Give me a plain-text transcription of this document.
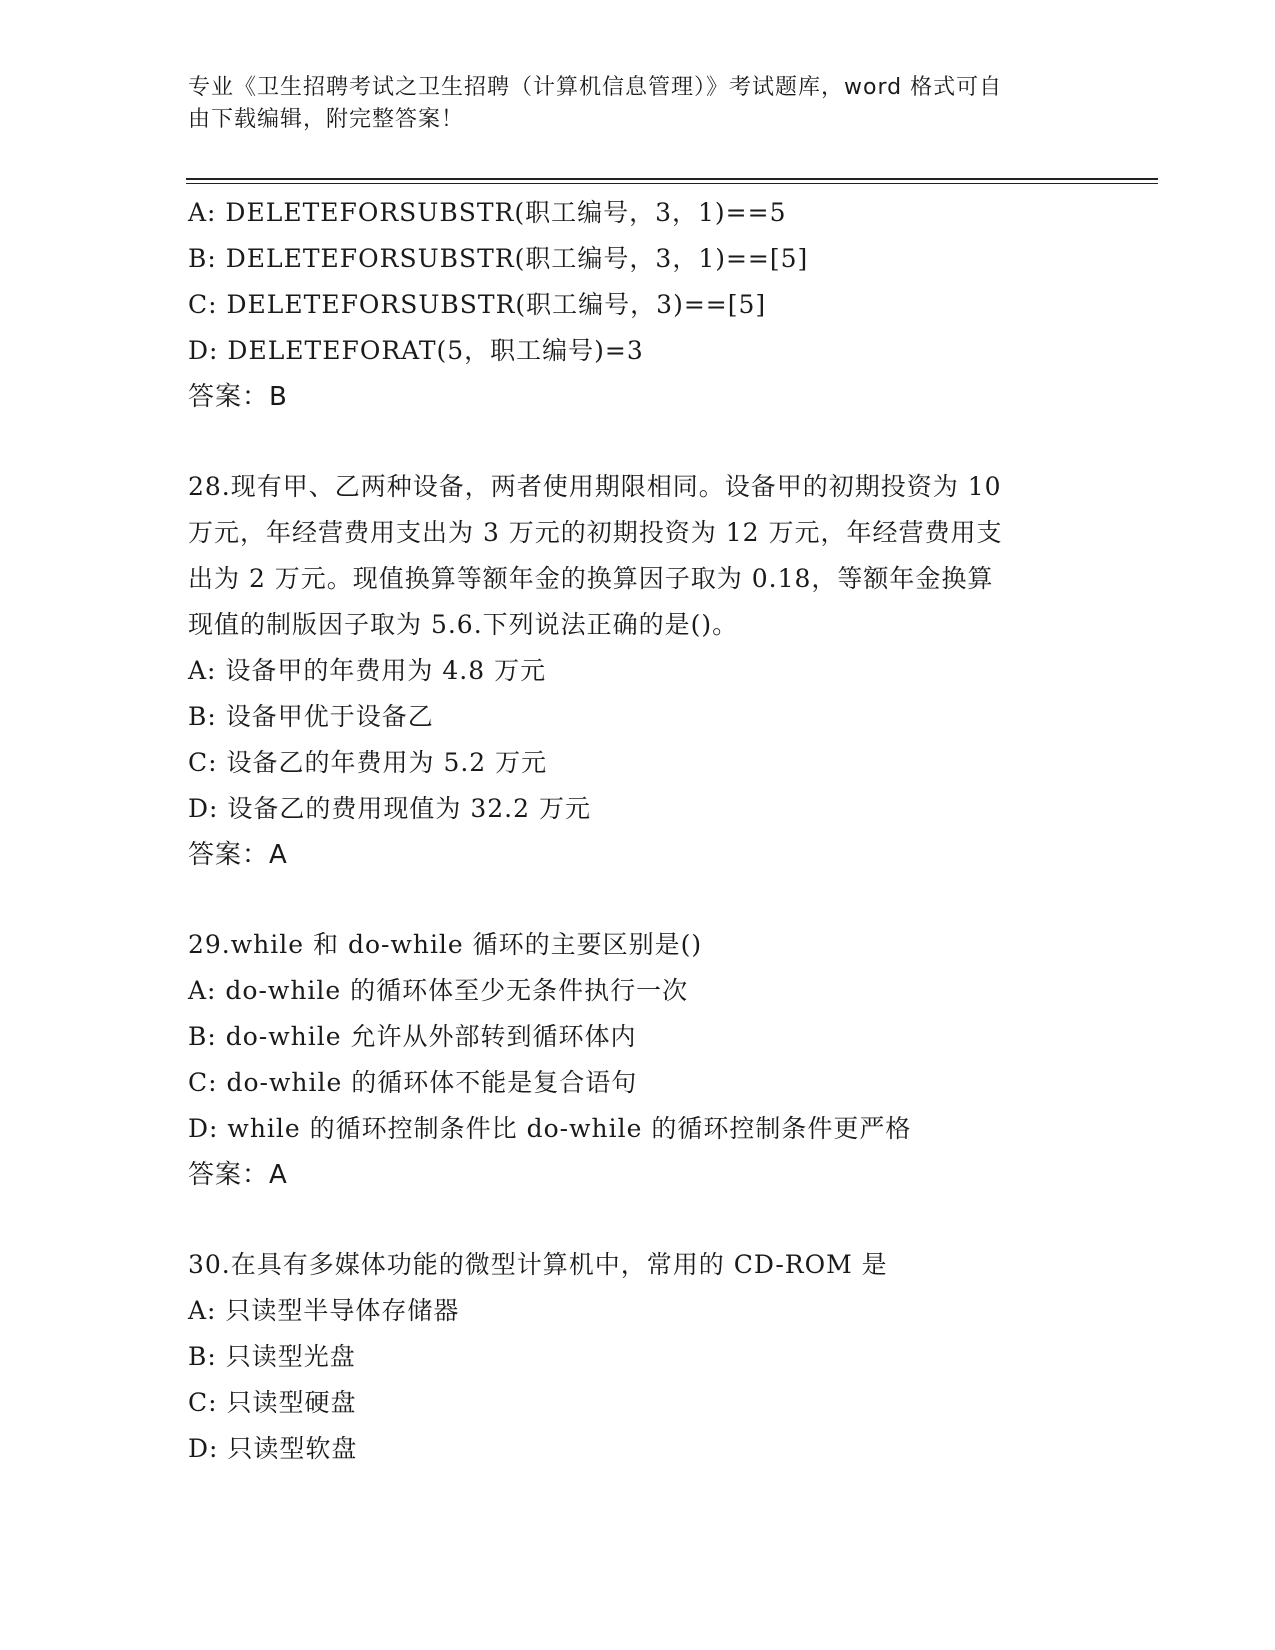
专业《卫生招聘考试之卫生招聘（计算机信息管理）》考试题库，word 格式可自
由下载编辑，附完整答案！
A: DELETEFORSUBSTR(职工编号，3，1)==5
B: DELETEFORSUBSTR(职工编号，3，1)==[5]
C: DELETEFORSUBSTR(职工编号，3)==[5]
D: DELETEFORAT(5，职工编号)=3
答案：B
28.现有甲、乙两种设备，两者使用期限相同。设备甲的初期投资为 10
万元，年经营费用支出为 3 万元的初期投资为 12 万元，年经营费用支
出为 2 万元。现值换算等额年金的换算因子取为 0.18，等额年金换算
现值的制版因子取为 5.6.下列说法正确的是()。
A: 设备甲的年费用为 4.8 万元
B: 设备甲优于设备乙
C: 设备乙的年费用为 5.2 万元
D: 设备乙的费用现值为 32.2 万元
答案：A
29.while 和 do-while 循环的主要区别是()
A: do-while 的循环体至少无条件执行一次
B: do-while 允许从外部转到循环体内
C: do-while 的循环体不能是复合语句
D: while 的循环控制条件比 do-while 的循环控制条件更严格
答案：A
30.在具有多媒体功能的微型计算机中，常用的 CD-ROM 是
A: 只读型半导体存储器
B: 只读型光盘
C: 只读型硬盘
D: 只读型软盘
